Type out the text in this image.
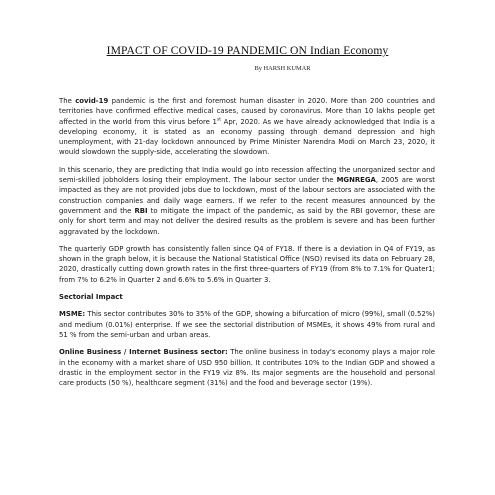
IMPACT OF COVID-19 PANDEMIC ON Indian Economy
By HARSH KUMAR

The covid-19 pandemic is the first and foremost human disaster in 2020. More than 200 countries and territories have confirmed effective medical cases, caused by coronavirus. More than 10 lakhs people get affected in the world from this virus before 1st Apr, 2020. As we have already acknowledged that India is a developing economy, it is stated as an economy passing through demand depression and high unemployment, with 21-day lockdown announced by Prime Minister Narendra Modi on March 23, 2020, it would slowdown the supply-side, accelerating the slowdown.

In this scenario, they are predicting that India would go into recession affecting the unorganized sector and semi-skilled jobholders losing their employment. The labour sector under the MGNREGA, 2005 are worst impacted as they are not provided jobs due to lockdown, most of the labour sectors are associated with the construction companies and daily wage earners. If we refer to the recent measures announced by the government and the RBI to mitigate the impact of the pandemic, as said by the RBI governor, these are only for short term and may not deliver the desired results as the problem is severe and has been further aggravated by the lockdown.

The quarterly GDP growth has consistently fallen since Q4 of FY18. If there is a deviation in Q4 of FY19, as shown in the graph below, it is because the National Statistical Office (NSO) revised its data on February 28, 2020, drastically cutting down growth rates in the first three-quarters of FY19 (from 8% to 7.1% for Quater1; from 7% to 6.2% in Quarter 2 and 6.6% to 5.6% in Quarter 3.

Sectorial Impact

MSME: This sector contributes 30% to 35% of the GDP, showing a bifurcation of micro (99%), small (0.52%) and medium (0.01%) enterprise. If we see the sectorial distribution of MSMEs, it shows 49% from rural and 51 % from the semi-urban and urban areas.

Online Business / Internet Business sector: The online business in today's economy plays a major role in the economy with a market share of USD 950 billion. It contributes 10% to the Indian GDP and showed a drastic in the employment sector in the FY19 viz 8%. Its major segments are the household and personal care products (50 %), healthcare segment (31%) and the food and beverage sector (19%).
